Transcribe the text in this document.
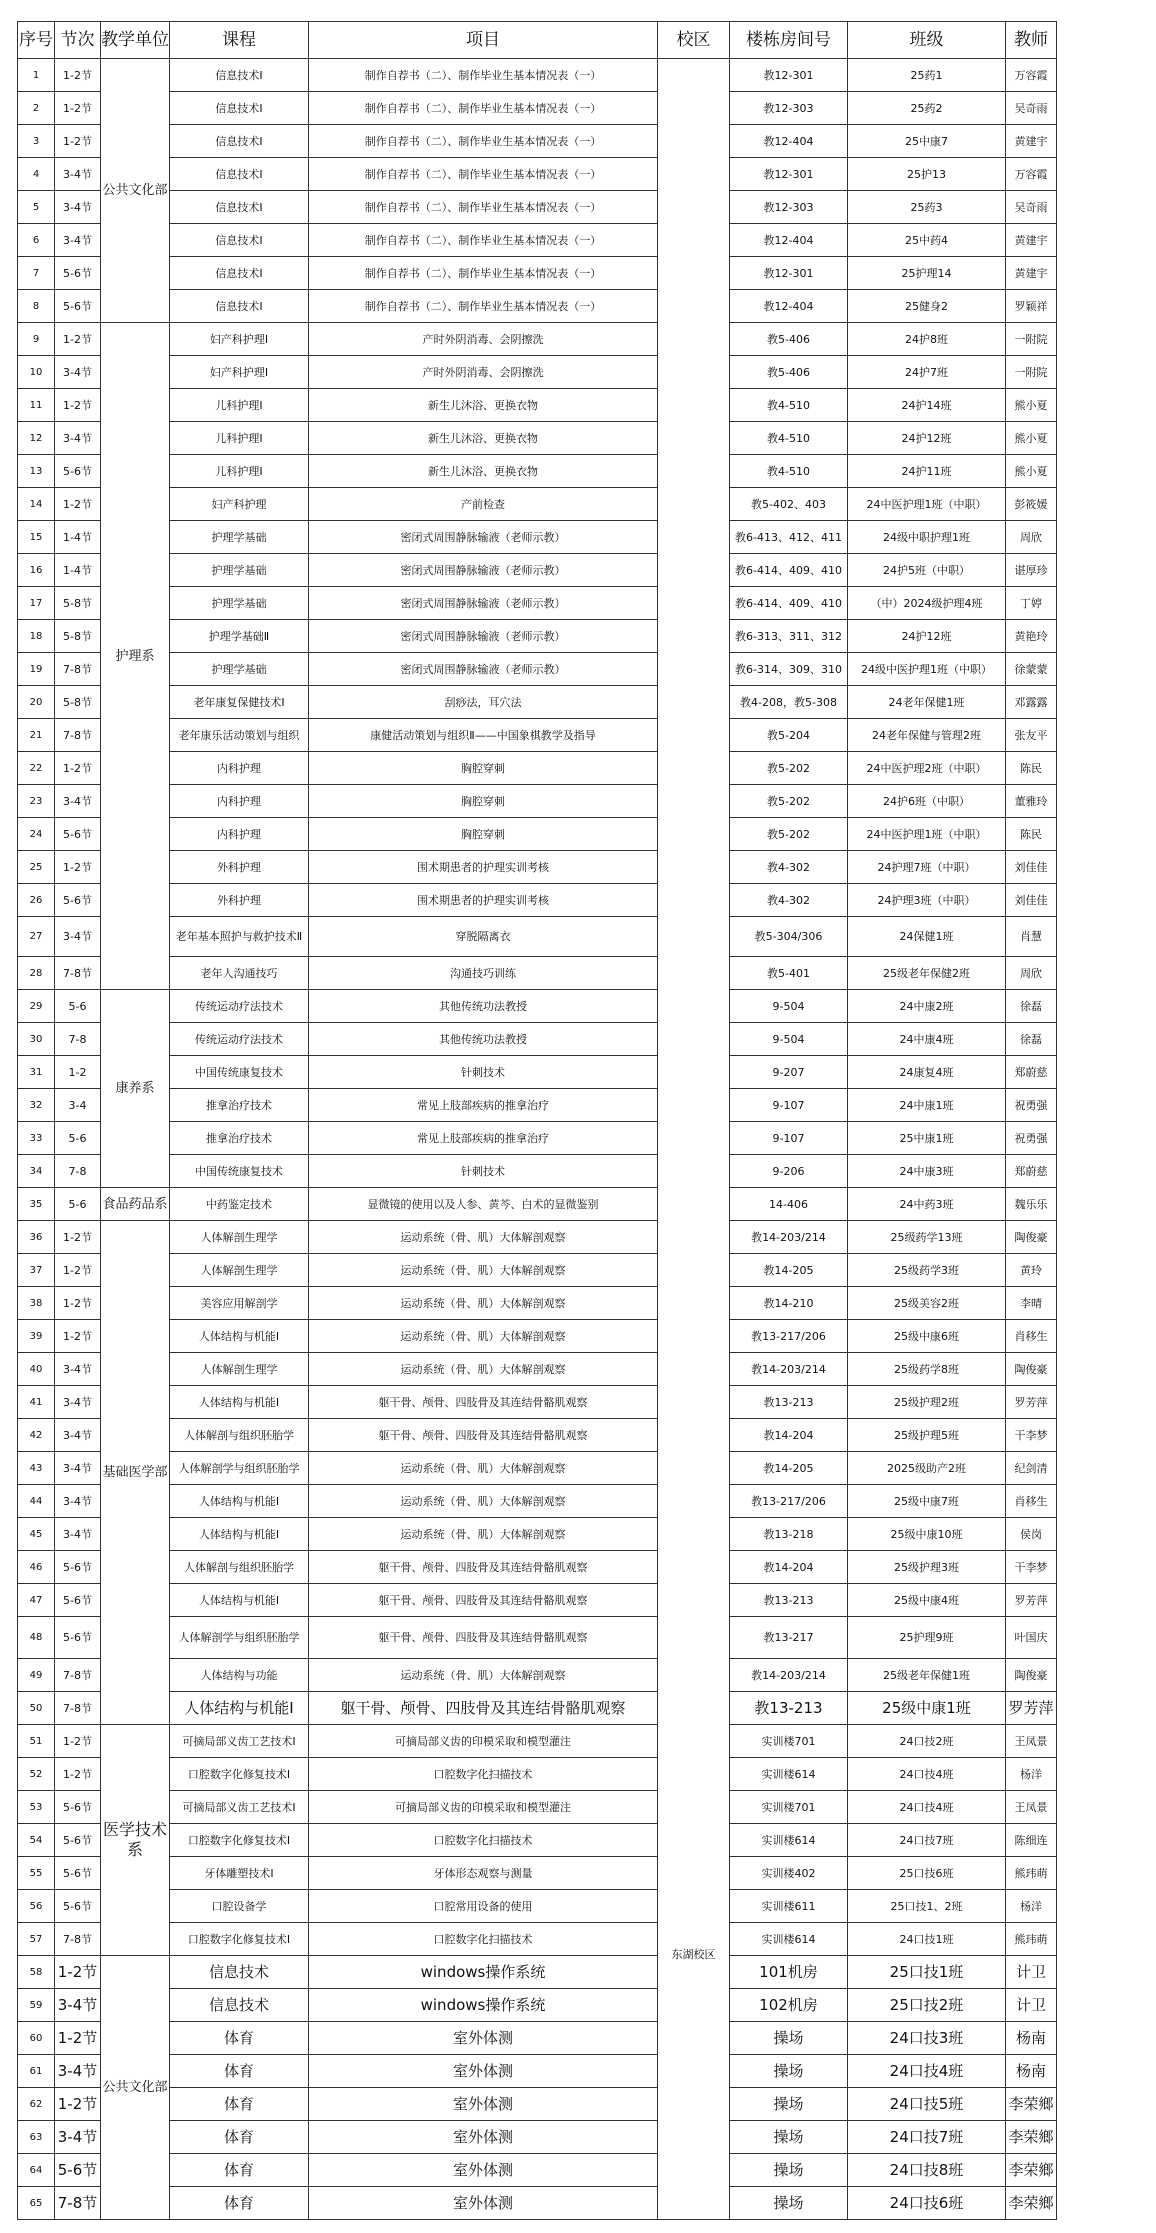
序号	节次	教学单位	课程	项目	校区	楼栋房间号	班级	教师
1	1-2节	公共文化部	信息技术Ⅰ	制作自荐书（二）、制作毕业生基本情况表（一）	东湖校区	教12-301	25药1	万容霞
2	1-2节		信息技术Ⅰ	制作自荐书（二）、制作毕业生基本情况表（一）		教12-303	25药2	吴奇雨
3	1-2节		信息技术Ⅰ	制作自荐书（二）、制作毕业生基本情况表（一）		教12-404	25中康7	黄建宇
4	3-4节		信息技术Ⅰ	制作自荐书（二）、制作毕业生基本情况表（一）		教12-301	25护13	万容霞
5	3-4节		信息技术Ⅰ	制作自荐书（二）、制作毕业生基本情况表（一）		教12-303	25药3	吴奇雨
6	3-4节		信息技术Ⅰ	制作自荐书（二）、制作毕业生基本情况表（一）		教12-404	25中药4	黄建宇
7	5-6节		信息技术Ⅰ	制作自荐书（二）、制作毕业生基本情况表（一）		教12-301	25护理14	黄建宇
8	5-6节		信息技术Ⅰ	制作自荐书（二）、制作毕业生基本情况表（一）		教12-404	25健身2	罗颖祥
9	1-2节	护理系	妇产科护理Ⅰ	产时外阴消毒、会阴擦洗		教5-406	24护8班	一附院
10	3-4节		妇产科护理Ⅰ	产时外阴消毒、会阴擦洗		教5-406	24护7班	一附院
11	1-2节		儿科护理Ⅰ	新生儿沐浴、更换衣物		教4-510	24护14班	熊小夏
12	3-4节		儿科护理Ⅰ	新生儿沐浴、更换衣物		教4-510	24护12班	熊小夏
13	5-6节		儿科护理Ⅰ	新生儿沐浴、更换衣物		教4-510	24护11班	熊小夏
14	1-2节		妇产科护理	产前检查		教5-402、403	24中医护理1班（中职）	彭筱媛
15	1-4节		护理学基础	密闭式周围静脉输液（老师示教）		教6-413、412、411	24级中职护理1班	周欣
16	1-4节		护理学基础	密闭式周围静脉输液（老师示教）		教6-414、409、410	24护5班（中职）	谌厚珍
17	5-8节		护理学基础	密闭式周围静脉输液（老师示教）		教6-414、409、410	（中）2024级护理4班	丁婷
18	5-8节		护理学基础Ⅱ	密闭式周围静脉输液（老师示教）		教6-313、311、312	24护12班	黄艳玲
19	7-8节		护理学基础	密闭式周围静脉输液（老师示教）		教6-314、309、310	24级中医护理1班（中职）	徐蒙蒙
20	5-8节		老年康复保健技术Ⅰ	刮痧法，耳穴法		教4-208，教5-308	24老年保健1班	邓露露
21	7-8节		老年康乐活动策划与组织	康健活动策划与组织Ⅱ——中国象棋教学及指导		教5-204	24老年保健与管理2班	张友平
22	1-2节		内科护理	胸腔穿刺		教5-202	24中医护理2班（中职）	陈民
23	3-4节		内科护理	胸腔穿刺		教5-202	24护6班（中职）	董雅玲
24	5-6节		内科护理	胸腔穿刺		教5-202	24中医护理1班（中职）	陈民
25	1-2节		外科护理	围术期患者的护理实训考核		教4-302	24护理7班（中职）	刘佳佳
26	5-6节		外科护理	围术期患者的护理实训考核		教4-302	24护理3班（中职）	刘佳佳
27	3-4节		老年基本照护与救护技术Ⅱ	穿脱隔离衣		教5-304/306	24保健1班	肖慧
28	7-8节		老年人沟通技巧	沟通技巧训练		教5-401	25级老年保健2班	周欣
29	5-6	康养系	传统运动疗法技术	其他传统功法教授		9-504	24中康2班	徐磊
30	7-8		传统运动疗法技术	其他传统功法教授		9-504	24中康4班	徐磊
31	1-2		中国传统康复技术	针刺技术		9-207	24康复4班	郑蔚慈
32	3-4		推拿治疗技术	常见上肢部疾病的推拿治疗		9-107	24中康1班	祝勇强
33	5-6		推拿治疗技术	常见上肢部疾病的推拿治疗		9-107	25中康1班	祝勇强
34	7-8		中国传统康复技术	针刺技术		9-206	24中康3班	郑蔚慈
35	5-6	食品药品系	中药鉴定技术	显微镜的使用以及人参、黄芩、白术的显微鉴别		14-406	24中药3班	魏乐乐
36	1-2节	基础医学部	人体解剖生理学	运动系统（骨、肌）大体解剖观察		教14-203/214	25级药学13班	陶俊豪
37	1-2节		人体解剖生理学	运动系统（骨、肌）大体解剖观察		教14-205	25级药学3班	黄玲
38	1-2节		美容应用解剖学	运动系统（骨、肌）大体解剖观察		教14-210	25级美容2班	李晴
39	1-2节		人体结构与机能Ⅰ	运动系统（骨、肌）大体解剖观察		教13-217/206	25级中康6班	肖移生
40	3-4节		人体解剖生理学	运动系统（骨、肌）大体解剖观察		教14-203/214	25级药学8班	陶俊豪
41	3-4节		人体结构与机能Ⅰ	躯干骨、颅骨、四肢骨及其连结骨骼肌观察		教13-213	25级护理2班	罗芳萍
42	3-4节		人体解剖与组织胚胎学	躯干骨、颅骨、四肢骨及其连结骨骼肌观察		教14-204	25级护理5班	干李梦
43	3-4节		人体解剖学与组织胚胎学	运动系统（骨、肌）大体解剖观察		教14-205	2025级助产2班	纪剑清
44	3-4节		人体结构与机能Ⅰ	运动系统（骨、肌）大体解剖观察		教13-217/206	25级中康7班	肖移生
45	3-4节		人体结构与机能Ⅰ	运动系统（骨、肌）大体解剖观察		教13-218	25级中康10班	侯岗
46	5-6节		人体解剖与组织胚胎学	躯干骨、颅骨、四肢骨及其连结骨骼肌观察		教14-204	25级护理3班	干李梦
47	5-6节		人体结构与机能Ⅰ	躯干骨、颅骨、四肢骨及其连结骨骼肌观察		教13-213	25级中康4班	罗芳萍
48	5-6节		人体解剖学与组织胚胎学	躯干骨、颅骨、四肢骨及其连结骨骼肌观察		教13-217	25护理9班	叶国庆
49	7-8节		人体结构与功能	运动系统（骨、肌）大体解剖观察		教14-203/214	25级老年保健1班	陶俊豪
50	7-8节		人体结构与机能Ⅰ	躯干骨、颅骨、四肢骨及其连结骨骼肌观察		教13-213	25级中康1班	罗芳萍
51	1-2节	医学技术系	可摘局部义齿工艺技术Ⅰ	可摘局部义齿的印模采取和模型灌注		实训楼701	24口技2班	王凤景
52	1-2节		口腔数字化修复技术Ⅰ	口腔数字化扫描技术		实训楼614	24口技4班	杨洋
53	5-6节		可摘局部义齿工艺技术Ⅰ	可摘局部义齿的印模采取和模型灌注		实训楼701	24口技4班	王凤景
54	5-6节		口腔数字化修复技术Ⅰ	口腔数字化扫描技术		实训楼614	24口技7班	陈细连
55	5-6节		牙体雕塑技术Ⅰ	牙体形态观察与测量		实训楼402	25口技6班	熊玮萌
56	5-6节		口腔设备学	口腔常用设备的使用		实训楼611	25口技1、2班	杨洋
57	7-8节		口腔数字化修复技术Ⅰ	口腔数字化扫描技术		实训楼614	24口技1班	熊玮萌
58	1-2节	公共文化部	信息技术	windows操作系统		101机房	25口技1班	计卫
59	3-4节		信息技术	windows操作系统		102机房	25口技2班	计卫
60	1-2节		体育	室外体测		操场	24口技3班	杨南
61	3-4节		体育	室外体测		操场	24口技4班	杨南
62	1-2节		体育	室外体测		操场	24口技5班	李荣鄉
63	3-4节		体育	室外体测		操场	24口技7班	李荣鄉
64	5-6节		体育	室外体测		操场	24口技8班	李荣鄉
65	7-8节		体育	室外体测		操场	24口技6班	李荣鄉
